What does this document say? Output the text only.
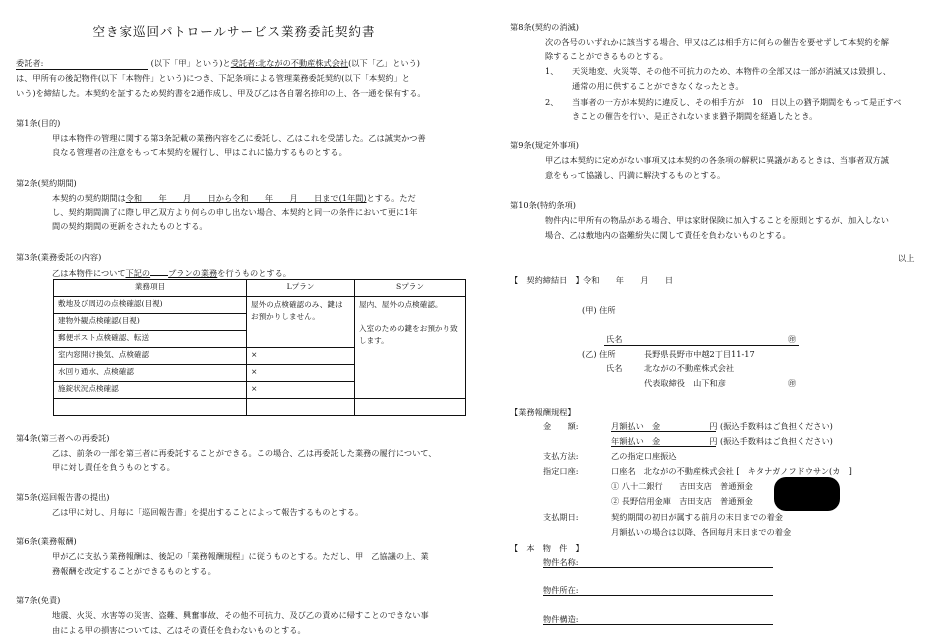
空き家巡回パトロールサービス業務委託契約書
委託者:	(以下「甲」という)と受託者:北ながの不動産株式会社(以下「乙」という)
は、甲所有の後記物件(以下「本物件」という)につき、下記条項による管理業務委託契約(以下「本契約」と
いう)を締結した。本契約を証するため契約書を2通作成し、甲及び乙は各自署名捺印の上、各一通を保有する。
第1条(目的)
甲は本物件の管理に関する第3条記載の業務内容を乙に委託し、乙はこれを受諾した。乙は誠実かつ善
良なる管理者の注意をもって本契約を履行し、甲はこれに協力するものとする。
第2条(契約期間)
本契約の契約期間は令和　　年　　月　　日から令和　　年　　月　　日まで(1年間)とする。ただ
し、契約期間満了に際し甲乙双方より何らの申し出ない場合、本契約と同一の条件において更に1年
間の契約期間の更新をされたものとする。
第3条(業務委託の内容)
乙は本物件について下記の プランの業務を行うものとする。
業務項目	Lプラン	Sプラン
敷地及び周辺の点検確認(目視)	屋外の点検確認のみ、鍵はお預かりしません。	屋内、屋外の点検確認。
入室のための鍵をお預かり致します。

建物外観点検確認(目視)		
郵便ポスト点検確認、転送		
室内窓開け換気、点検確認	×	
水回り通水、点検確認	×	
施錠状況点検確認	×	

第4条(第三者への再委託)
乙は、前条の一部を第三者に再委託することができる。この場合、乙は再委託した業務の履行について、
甲に対し責任を負うものとする。
第5条(巡回報告書の提出)
乙は甲に対し、月毎に「巡回報告書」を提出することによって報告するものとする。
第6条(業務報酬)
甲が乙に支払う業務報酬は、後記の「業務報酬規程」に従うものとする。ただし、甲　乙協議の上、業
務報酬を改定することができるものとする。
第7条(免責)
地震、火災、水害等の災害、盗難、興奮事故、その他不可抗力、及び乙の責めに帰すことのできない事
由による甲の損害については、乙はその責任を負わないものとする。
第8条(契約の消滅)
次の各号のいずれかに該当する場合、甲又は乙は相手方に何らの催告を要せずして本契約を解
除することができるものとする。
1、 天災地変、火災等、その他不可抗力のため、本物件の全部又は一部が消滅又は毀損し、
通常の用に供することができなくなったとき。
2、 当事者の一方が本契約に違反し、その相手方が　10　日以上の猶予期間をもって是正すべ
きことの催告を行い、是正されないまま猶予期間を経過したとき。
第9条(規定外事項)
甲乙は本契約に定めがない事項又は本契約の各条項の解釈に異議があるときは、当事者双方誠
意をもって協議し、円満に解決するものとする。
第10条(特約条項)
物件内に甲所有の物品がある場合、甲は家財保険に加入することを原則とするが、加入しない
場合、乙は敷地内の盗難紛失に関して責任を負わないものとする。
以上
【　契約締結日　】 令和　　年　　月　　日
(甲) 住所
氏名	㊞
(乙) 住所	長野県長野市中越2丁目11-17
氏名	北ながの不動産株式会社
代表取締役　山下和彦	㊞
【業務報酬規程】
金　　額:	月額払い　金　　　　　　円 (振込手数料はご負担ください)
年額払い　金　　　　　　円 (振込手数料はご負担ください)
支払方法:	乙の指定口座振込
指定口座:	口座名　北ながの不動産株式会社 [　キタナガノフドウサン(カ　]
① 八十二銀行　　吉田支店　普通預金
② 長野信用金庫　吉田支店　普通預金
支払期日:	契約期間の初日が属する前月の末日までの着金
月額払いの場合は以降、各回毎月末日までの着金
【　本　物　件　】
物件名称:
物件所在:
物件構造:
